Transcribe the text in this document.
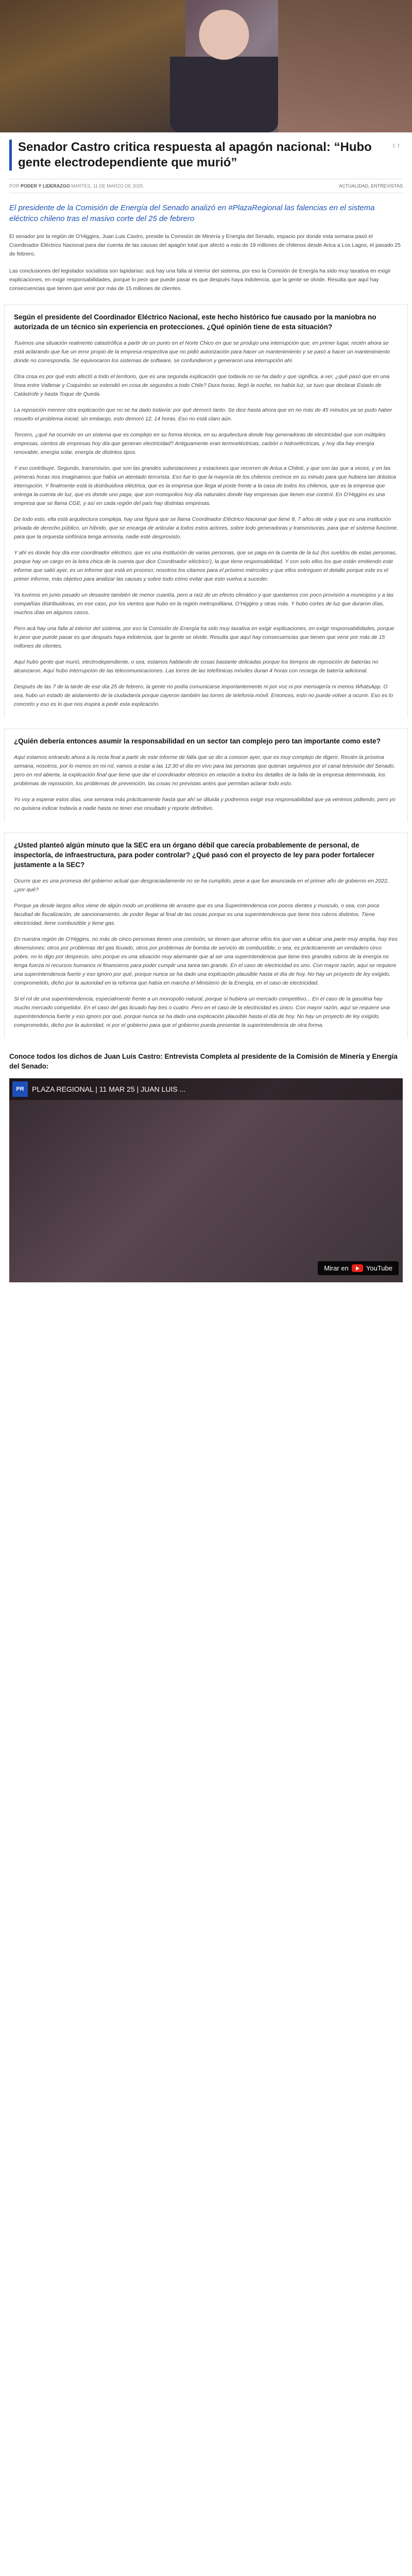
Senador Castro critica respuesta al apagón nacional: “Hubo gente electrodependiente que murió”
⇧ f
POR PODER Y LIDERAZGO MARTES, 11 DE MARZO DE 2025	ACTUALIDAD, ENTREVISTAS
El presidente de la Comisión de Energía del Senado analizó en #PlazaRegional las falencias en el sistema eléctrico chileno tras el masivo corte del 25 de febrero

El senador por la región de O’Higgins, Juan Luis Castro, preside la Comisión de Minería y Energía del Senado, espacio por donde esta semana pasó el Coordinador Eléctrico Nacional para dar cuenta de las causas del apagón total que afectó a más de 19 millones de chilenos desde Arica a Los Lagos, el pasado 25 de febrero.

Las conclusiones del legislador socialista son lapidarias: acá hay una falla al interior del sistema, por eso la Comisión de Energía ha sido muy taxativa en exigir explicaciones, en exigir responsabilidades, porque lo peor que puede pasar es que después haya indolencia, que la gente se olvide. Resulta que aquí hay consecuencias que tienen que venir por más de 15 millones de clientes.

Según el presidente del Coordinador Eléctrico Nacional, este hecho histórico fue causado por la maniobra no autorizada de un técnico sin experiencia en protecciones. ¿Qué opinión tiene de esta situación?

Tuvimos una situación realmente catastrófica a partir de un punto en el Norte Chico en que se produjo una interrupción que, en primer lugar, recién ahora se está aclarando que fue un error propio de la empresa respectiva que no pidió autorización para hacer un mantenimiento y se pasó a hacer un mantenimiento donde no correspondía. Se equivocaron los sistemas de software, se confundieron y generaron una interrupción ahí.

Otra cosa es por qué esto afectó a todo el territorio, que es una segunda explicación que todavía no se ha dado y que significa, a ver, ¿qué pasó que en una línea entre Vallenar y Coquimbo se extendió en cosa de segundos a todo Chile? Dura horas, llegó la noche, no había luz, se tuvo que declarar Estado de Catástrofe y hasta Toque de Queda.

La reposición merece otra explicación que no se ha dado todavía: por qué demoró tanto. Se dice hasta ahora que en no más de 45 minutos ya se pudo haber resuelto el problema inicial; sin embargo, esto demoró 12, 14 horas. Eso no está claro aún.

Tercero, ¿qué ha ocurrido en un sistema que es complejo en su forma técnica, en su arquitectura donde hay generadoras de electricidad que son múltiples empresas, cientos de empresas hoy día que generan electricidad? Antiguamente eran termoeléctricas, carbón o hidroeléctricas, y hoy día hay energía renovable, energía solar, energía de distintos tipos.

Y eso contribuye. Segundo, transmisión, que son las grandes subestaciones y estaciones que recorren de Arica a Chiloé, y que son las que a veces, y en las primeras horas nos imaginamos que había un atentado terrorista. Eso fue lo que la mayoría de los chilenos creímos en su minuto para que hubiera tan drástica interrupción. Y finalmente está la distribuidora eléctrica, que es la empresa que llega al poste frente a la casa de todos los chilenos, que es la empresa que entrega la cuenta de luz, que es donde uno paga, que son monopolios hoy día naturales donde hay empresas que tienen ese control. En O’Higgins es una empresa que se llama CGE, y así en cada región del país hay distintas empresas.

De todo esto, ella está arquitectura compleja, hay una figura que se llama Coordinador Eléctrico Nacional que tiene 8, 7 años de vida y que es una institución privada de derecho público, un híbrido, que se encarga de articular a todos estos actores, sobre todo generadoras y transmisoras, para que el sistema funcione, para que la orquesta sinfónica tenga armonía, nadie esté desprovisto.

Y ahí es donde hoy día ese coordinador eléctrico, que es una institución de varias personas, que se paga en la cuenta de la luz (los sueldos de estas personas, porque hay un cargo en la letra chica de la cuenta que dice Coordinador eléctrico’), la que tiene responsabilidad. Y con solo ellos los que están emitiendo este informe que salió ayer, es un informe que está en proceso; nosotros los citamos para el próximo miércoles y que ellos entreguen el detalle porque este es el primer informe, más objetivo para analizar las causas y sobre todo cómo evitar que esto vuelva a suceder.

Ya tuvimos en junio pasado un desastre también de menor cuantía, pero a raíz de un efecto climático y que quedamos con poco provisión a municipios y a las compañías distribuidoras, en ese caso, por los vientos que hubo en la región metropolitana, O’Higgins y otras más. Y hubo cortes de luz que duraron días, muchos días en algunos casos.

Pero acá hay una falla al interior del sistema, por eso la Comisión de Energía ha sido muy taxativa en exigir explicaciones, en exigir responsabilidades, porque lo peor que puede pasar es que después haya indolencia, que la gente se olvide. Resulta que aquí hay consecuencias que tienen que venir por más de 15 millones de clientes.

Aquí hubo gente que murió, electrodependiente, o sea, estamos hablando de cosas bastante delicadas porque los tiempos de reposición de baterías no alcanzaron. Aquí hubo interrupción de las telecomunicaciones. Las torres de las telefónicas móviles duran 4 horas con recarga de batería adicional.

Después de las 7 de la tarde de ese día 25 de febrero, la gente no podía comunicarse importantemente ni por voz ni por mensajería ni menos WhatsApp. O sea, hubo un estado de aislamiento de la ciudadanía porque cayeron también las torres de telefonía móvil. Entonces, esto no puede volver a ocurrir. Eso es lo concreto y eso es lo que nos inspira a pedir esta explicación.

¿Quién debería entonces asumir la responsabilidad en un sector tan complejo pero tan importante como este?

Aquí estamos entrando ahora a la recta final a partir de este informe de falla que se dio a conocer ayer, que es muy complejo de digerir. Recién la próxima semana, nosotros, por lo menos en mi rol, vamos a estar a las 12:30 el día en vivo para las personas que quieran seguirnos por el canal televisión del Senado, pero en red abierta, la explicación final que tiene que dar el coordinador eléctrico en relación a todos los detalles de la falla de la empresa determinada, los problemas de reposición, los problemas de prevención, las cosas no previstas antes que permitan aclarar todo esto.

Yo voy a esperar estos días, una semana más prácticamente hasta que ahí se diluida y podremos exigir esa responsabilidad que ya venimos pidiendo, pero yo no quisiera indicar todavía a nadie hasta no tener ese resultado y reporte definitivo.

¿Usted planteó algún minuto que la SEC era un órgano débil que carecía probablemente de personal, de inspectoría, de infraestructura, para poder controlar? ¿Qué pasó con el proyecto de ley para poder fortalecer justamente a la SEC?

Ocurre que es una promesa del gobierno actual que desgraciadamente no se ha cumplido, pese a que fue anunciada en el primer año de gobierno en 2022, ¿por qué?

Porque ya desde largos años viene de algún modo un problema de arrastre que es una Superintendencia con pocos dientes y musculo, o sea, con poca facultad de fiscalización, de sancionamiento, de poder llegar al final de las cosas porque es una superintendencia que tiene tres rubros distintos. Tiene electricidad, tiene combustible y tiene gas.

En nuestra región de O’Higgins, no más de cinco personas tienen una comisión, se tienen que ahorrar ellos los que van a ubicar una parte muy amplia, hay tres dimensiones: otros por problemas del gas licuado, otros por problemas de bomba de servicio de combustible, o sea, es prácticamente un verdadero circo pobre, no lo digo por desprecio, sino porque es una situación muy alarmante que al ser una superintendencia que tiene tres grandes rubros de la energía no tenga fuerza ni recursos humanos ni financieros para poder cumplir una tarea tan grande. En el caso de electricidad es uno. Con mayor razón, aquí se requiere una superintendencia fuerte y eso ignoro por qué, porque nunca se ha dado una explicación plausible hasta el día de hoy. No hay un proyecto de ley exigido, comprometido, dicho por la autoridad en la reforma que había en marcha el Ministerio de la Energía, en el caso de electricidad.

Si el rol de una superintendencia, especialmente frente a un monopolio natural, porque si hubiera un mercado competitivo... En el caso de la gasolina hay mucho mercado competidor. En el caso del gas licuado hay tres o cuatro. Pero en el caso de la electricidad es único. Con mayor razón, aquí se requiere una superintendencia fuerte y eso ignoro por qué, porque nunca se ha dado una explicación plausible hasta el día de hoy. No hay un proyecto de ley exigido, comprometido, dicho por la autoridad, ni por el gobierno para que el gobierno pueda presentar la superintendencia de otra forma.

Conoce todos los dichos de Juan Luis Castro: Entrevista Completa al presidente de la Comisión de Minería y Energía del Senado:
PR	PLAZA REGIONAL | 11 MAR 25 | JUAN LUIS ...
Mirar en	YouTube
